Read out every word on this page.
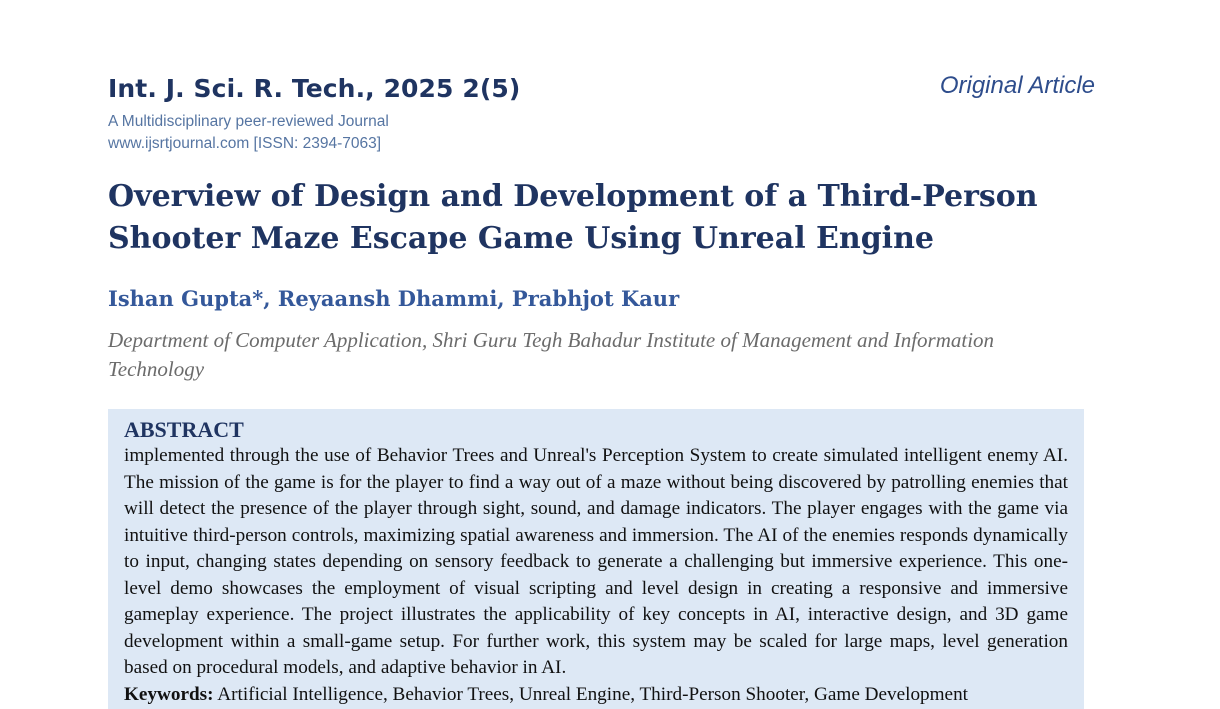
Int. J. Sci. R. Tech., 2025 2(5)
A Multidisciplinary peer-reviewed Journal
www.ijsrtjournal.com [ISSN: 2394-7063]
Original Article
Overview of Design and Development of a Third-Person Shooter Maze Escape Game Using Unreal Engine
Ishan Gupta*, Reyaansh Dhammi, Prabhjot Kaur
Department of Computer Application, Shri Guru Tegh Bahadur Institute of Management and Information Technology
ABSTRACT

implemented through the use of Behavior Trees and Unreal's Perception System to create simulated intelligent enemy AI. The mission of the game is for the player to find a way out of a maze without being discovered by patrolling enemies that will detect the presence of the player through sight, sound, and damage indicators. The player engages with the game via intuitive third-person controls, maximizing spatial awareness and immersion. The AI of the enemies responds dynamically to input, changing states depending on sensory feedback to generate a challenging but immersive experience. This one-level demo showcases the employment of visual scripting and level design in creating a responsive and immersive gameplay experience. The project illustrates the applicability of key concepts in AI, interactive design, and 3D game development within a small-game setup. For further work, this system may be scaled for large maps, level generation based on procedural models, and adaptive behavior in AI.

Keywords: Artificial Intelligence, Behavior Trees, Unreal Engine, Third-Person Shooter, Game Development
